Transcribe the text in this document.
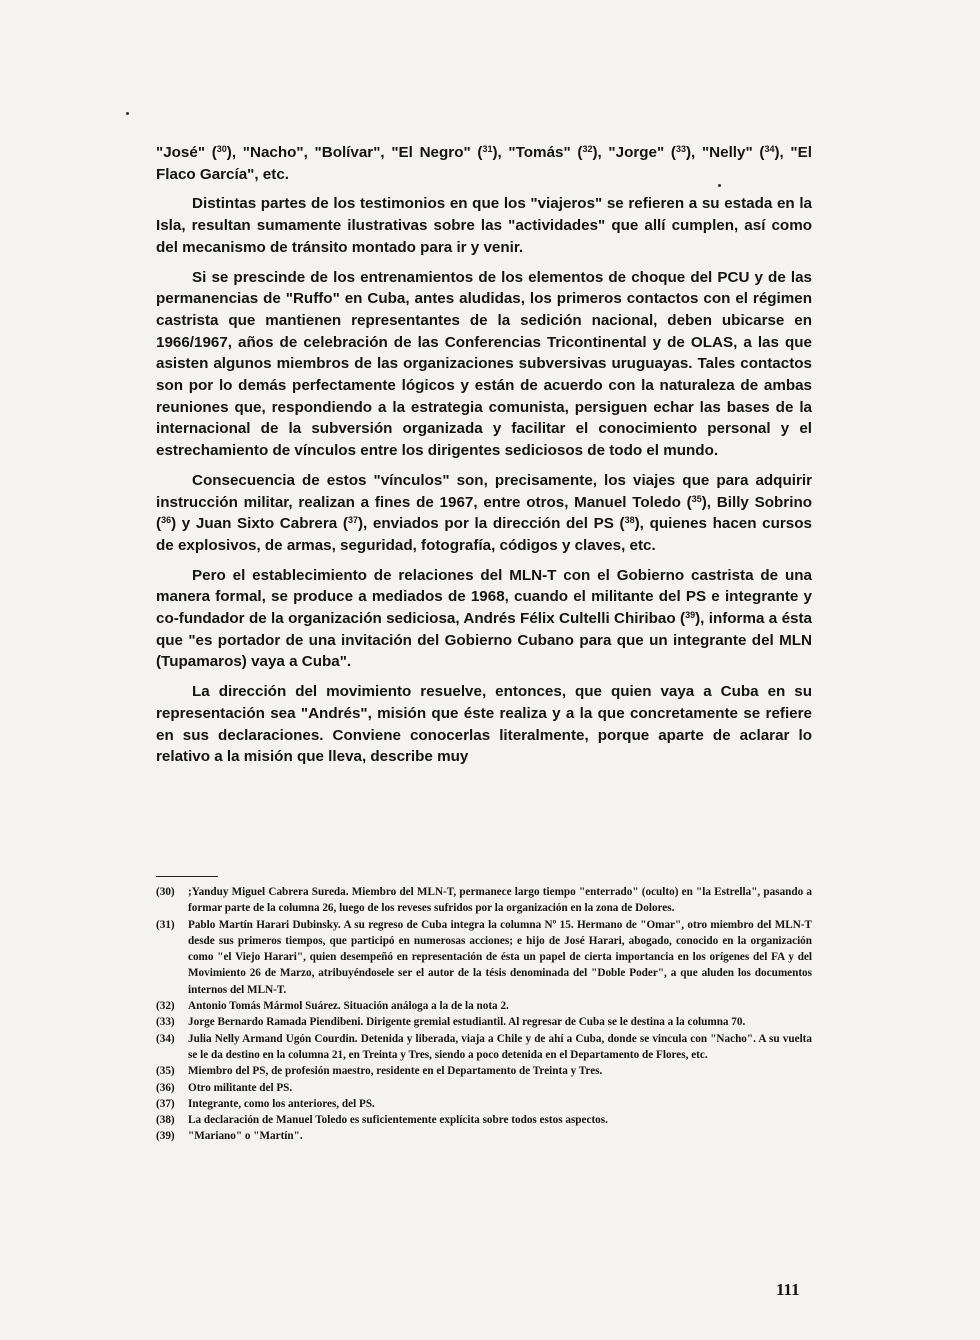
"José" ($^{30}$), "Nacho", "Bolívar", "El Negro" ($^{31}$), "Tomás" ($^{32}$), "Jorge" ($^{33}$), "Nelly" ($^{34}$), "El Flaco García", etc.

Distintas partes de los testimonios en que los "viajeros" se refieren a su estada en la Isla, resultan sumamente ilustrativas sobre las "actividades" que allí cumplen, así como del mecanismo de tránsito montado para ir y venir.

Si se prescinde de los entrenamientos de los elementos de choque del PCU y de las permanencias de "Ruffo" en Cuba, antes aludidas, los primeros contactos con el régimen castrista que mantienen representantes de la sedición nacional, deben ubicarse en 1966/1967, años de celebración de las Conferencias Tricontinental y de OLAS, a las que asisten algunos miembros de las organizaciones subversivas uruguayas. Tales contactos son por lo demás perfectamente lógicos y están de acuerdo con la naturaleza de ambas reuniones que, respondiendo a la estrategia comunista, persiguen echar las bases de la internacional de la subversión organizada y facilitar el conocimiento personal y el estrechamiento de vínculos entre los dirigentes sediciosos de todo el mundo.

Consecuencia de estos "vínculos" son, precisamente, los viajes que para adquirir instrucción militar, realizan a fines de 1967, entre otros, Manuel Toledo ($^{35}$), Billy Sobrino ($^{36}$) y Juan Sixto Cabrera ($^{37}$), enviados por la dirección del PS ($^{38}$), quienes hacen cursos de explosivos, de armas, seguridad, fotografía, códigos y claves, etc.

Pero el establecimiento de relaciones del MLN-T con el Gobierno castrista de una manera formal, se produce a mediados de 1968, cuando el militante del PS e integrante y co-fundador de la organización sediciosa, Andrés Félix Cultelli Chiribao ($^{39}$), informa a ésta que "es portador de una invitación del Gobierno Cubano para que un integrante del MLN (Tupamaros) vaya a Cuba".

La dirección del movimiento resuelve, entonces, que quien vaya a Cuba en su representación sea "Andrés", misión que éste realiza y a la que concretamente se refiere en sus declaraciones. Conviene conocerlas literalmente, porque aparte de aclarar lo relativo a la misión que lleva, describe muy

(30)	;Yanduy Miguel Cabrera Sureda. Miembro del MLN-T, permanece largo tiempo "enterrado" (oculto) en "la Estrella", pasando a formar parte de la columna 26, luego de los reveses sufridos por la organización en la zona de Dolores.
(31)	Pablo Martín Harari Dubinsky. A su regreso de Cuba integra la columna Nº 15. Hermano de "Omar", otro miembro del MLN-T desde sus primeros tiempos, que participó en numerosas acciones; e hijo de José Harari, abogado, conocido en la organización como "el Viejo Harari", quien desempeñó en representación de ésta un papel de cierta importancia en los orígenes del FA y del Movimiento 26 de Marzo, atribuyéndosele ser el autor de la tésis denominada del "Doble Poder", a que aluden los documentos internos del MLN-T.
(32)	Antonio Tomás Mármol Suárez. Situación análoga a la de la nota 2.
(33)	Jorge Bernardo Ramada Piendibeni. Dirigente gremial estudiantil. Al regresar de Cuba se le destina a la columna 70.
(34)	Julia Nelly Armand Ugón Courdin. Detenida y liberada, viaja a Chile y de ahí a Cuba, donde se vincula con "Nacho". A su vuelta se le da destino en la columna 21, en Treinta y Tres, siendo a poco detenida en el Departamento de Flores, etc.
(35)	Miembro del PS, de profesión maestro, residente en el Departamento de Treinta y Tres.
(36)	Otro militante del PS.
(37)	Integrante, como los anteriores, del PS.
(38)	La declaración de Manuel Toledo es suficientemente explícita sobre todos estos aspectos.
(39)	"Mariano" o "Martín".
111
